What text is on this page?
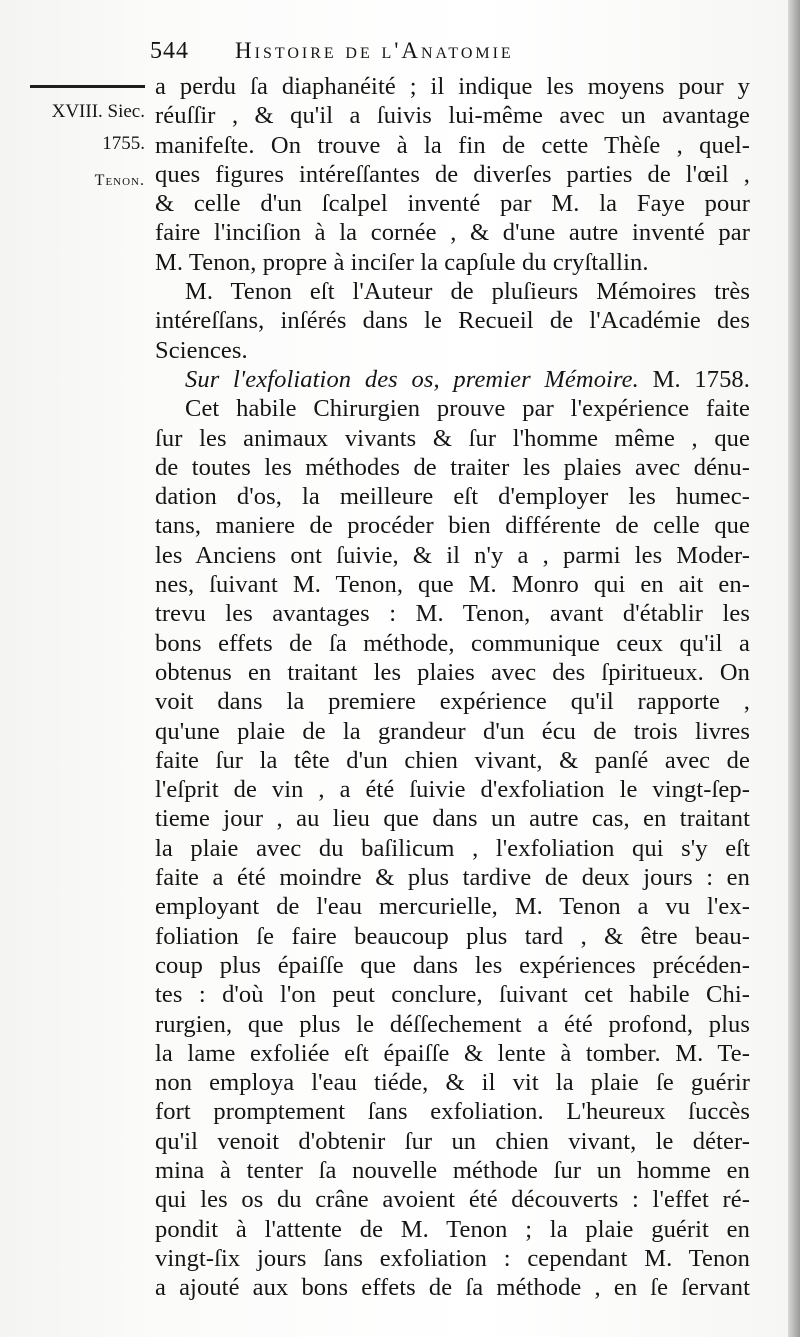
544 Histoire de l'Anatomie
XVIII. Siec.
1755.
Tenon.
a perdu ſa diaphanéité ; il indique les moyens pour y
réuſſir , & qu'il a ſuivis lui-même avec un avantage
manifeſte. On trouve à la fin de cette Thèſe , quel-
ques figures intéreſſantes de diverſes parties de l'œil ,
& celle d'un ſcalpel inventé par M. la Faye pour
faire l'inciſion à la cornée , & d'une autre inventé par
M. Tenon, propre à inciſer la capſule du cryſtallin.
M. Tenon eſt l'Auteur de pluſieurs Mémoires très
intéreſſans, inſérés dans le Recueil de l'Académie des
Sciences.
Sur l'exfoliation des os, premier Mémoire. M. 1758.
Cet habile Chirurgien prouve par l'expérience faite
ſur les animaux vivants & ſur l'homme même , que
de toutes les méthodes de traiter les plaies avec dénu-
dation d'os, la meilleure eſt d'employer les humec-
tans, maniere de procéder bien différente de celle que
les Anciens ont ſuivie, & il n'y a , parmi les Moder-
nes, ſuivant M. Tenon, que M. Monro qui en ait en-
trevu les avantages : M. Tenon, avant d'établir les
bons effets de ſa méthode, communique ceux qu'il a
obtenus en traitant les plaies avec des ſpiritueux. On
voit dans la premiere expérience qu'il rapporte ,
qu'une plaie de la grandeur d'un écu de trois livres
faite ſur la tête d'un chien vivant, & panſé avec de
l'eſprit de vin , a été ſuivie d'exfoliation le vingt-ſep-
tieme jour , au lieu que dans un autre cas, en traitant
la plaie avec du baſilicum , l'exfoliation qui s'y eſt
faite a été moindre & plus tardive de deux jours : en
employant de l'eau mercurielle, M. Tenon a vu l'ex-
foliation ſe faire beaucoup plus tard , & être beau-
coup plus épaiſſe que dans les expériences précéden-
tes : d'où l'on peut conclure, ſuivant cet habile Chi-
rurgien, que plus le déſſechement a été profond, plus
la lame exfoliée eſt épaiſſe & lente à tomber. M. Te-
non employa l'eau tiéde, & il vit la plaie ſe guérir
fort promptement ſans exfoliation. L'heureux ſuccès
qu'il venoit d'obtenir ſur un chien vivant, le déter-
mina à tenter ſa nouvelle méthode ſur un homme en
qui les os du crâne avoient été découverts : l'effet ré-
pondit à l'attente de M. Tenon ; la plaie guérit en
vingt-ſix jours ſans exfoliation : cependant M. Tenon
a ajouté aux bons effets de ſa méthode , en ſe ſervant
